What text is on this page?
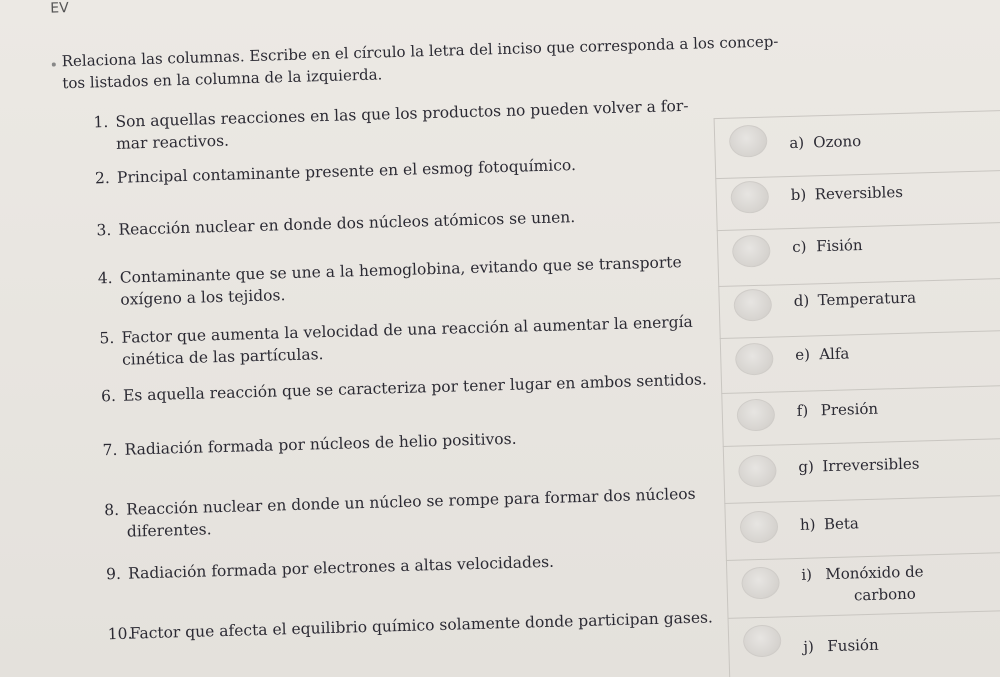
EV
Relaciona las columnas. Escribe en el círculo la letra del inciso que corresponda a los concep-
tos listados en la columna de la izquierda.
1. Son aquellas reacciones en las que los productos no pueden volver a for-
mar reactivos.
2. Principal contaminante presente en el esmog fotoquímico.
3. Reacción nuclear en donde dos núcleos atómicos se unen.
4. Contaminante que se une a la hemoglobina, evitando que se transporte
oxígeno a los tejidos.
5. Factor que aumenta la velocidad de una reacción al aumentar la energía
cinética de las partículas.
6. Es aquella reacción que se caracteriza por tener lugar en ambos sentidos.
7. Radiación formada por núcleos de helio positivos.
8. Reacción nuclear en donde un núcleo se rompe para formar dos núcleos
diferentes.
9. Radiación formada por electrones a altas velocidades.
10.Factor que afecta el equilibrio químico solamente donde participan gases.
a) Ozono
b) Reversibles
c) Fisión
d) Temperatura
e) Alfa
f) Presión
g) Irreversibles
h) Beta
i) Monóxido de
carbono
j) Fusión
